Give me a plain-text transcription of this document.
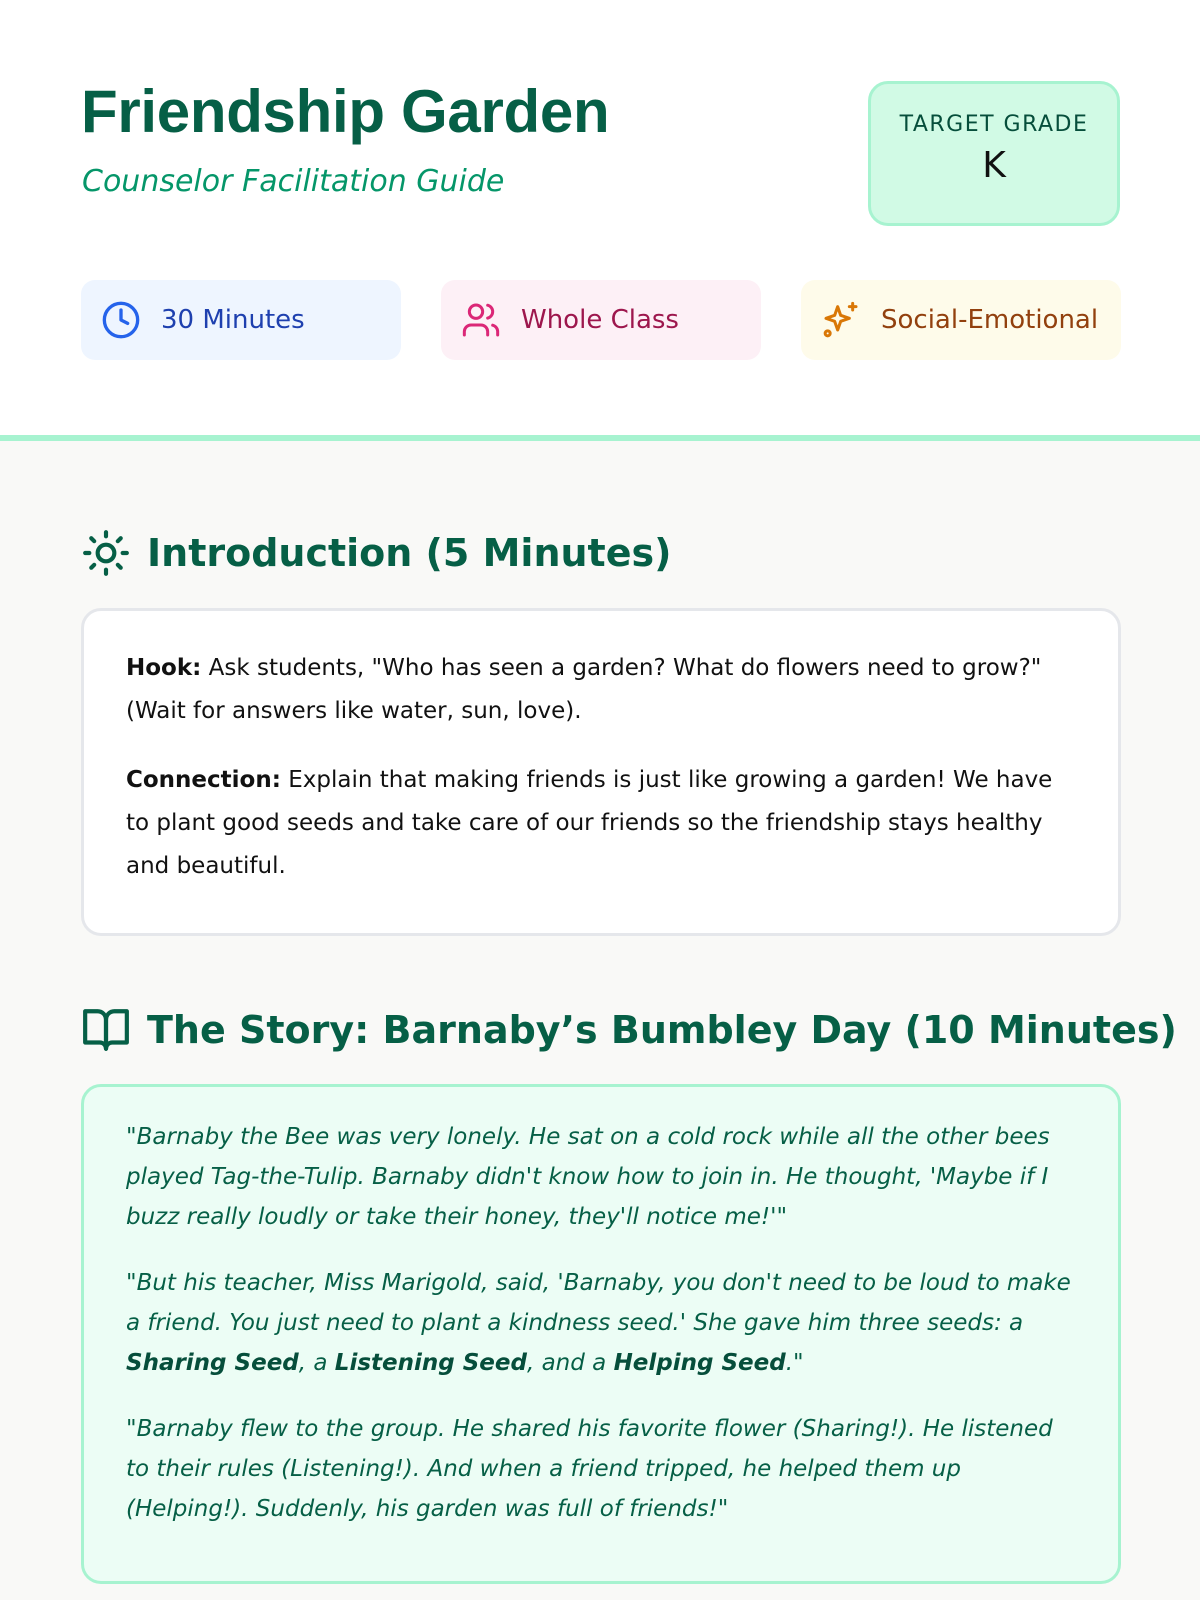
Friendship Garden
Counselor Facilitation Guide
TARGET GRADE
K
30 Minutes	Whole Class	Social-Emotional
Introduction (5 Minutes)

Hook: Ask students, "Who has seen a garden? What do flowers need to grow?" (Wait for answers like water, sun, love).

Connection: Explain that making friends is just like growing a garden! We have to plant good seeds and take care of our friends so the friendship stays healthy and beautiful.

The Story: Barnaby’s Bumbley Day (10 Minutes)

"Barnaby the Bee was very lonely. He sat on a cold rock while all the other bees played Tag-the-Tulip. Barnaby didn't know how to join in. He thought, 'Maybe if I buzz really loudly or take their honey, they'll notice me!'"

"But his teacher, Miss Marigold, said, 'Barnaby, you don't need to be loud to make a friend. You just need to plant a kindness seed.' She gave him three seeds: a Sharing Seed, a Listening Seed, and a Helping Seed."

"Barnaby flew to the group. He shared his favorite flower (Sharing!). He listened to their rules (Listening!). And when a friend tripped, he helped them up (Helping!). Suddenly, his garden was full of friends!"
